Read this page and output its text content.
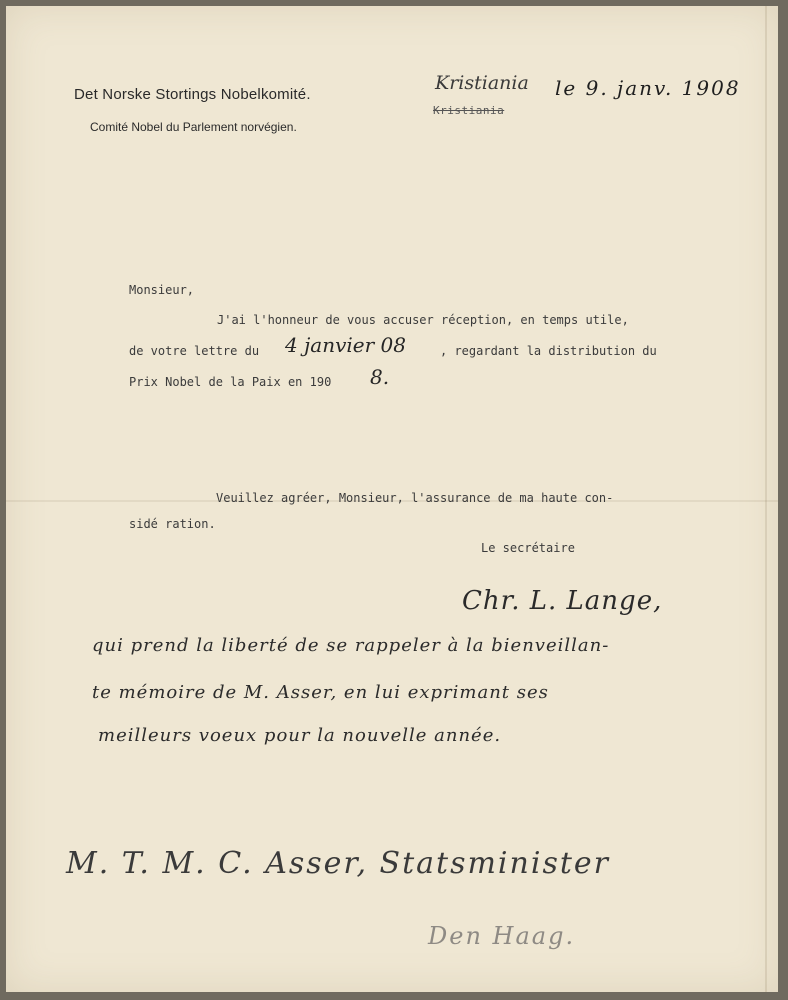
Det Norske Stortings Nobelkomité.
Comité Nobel du Parlement norvégien.
Kristiania
Kristiania
le 9. janv. 1908
Monsieur,
J'ai l'honneur de vous accuser réception, en temps utile,
de votre lettre du 4 janvier 08	, regardant la distribution du
Prix Nobel de la Paix en 190 8.
Veuillez agréer, Monsieur, l'assurance de ma haute con-
sidé ration.
Le secrétaire
Chr. L. Lange,
qui prend la liberté de se rappeler à la bienveillan-
te mémoire de M. Asser, en lui exprimant ses
meilleurs voeux pour la nouvelle année.
M. T. M. C. Asser, Statsminister
Den Haag.
